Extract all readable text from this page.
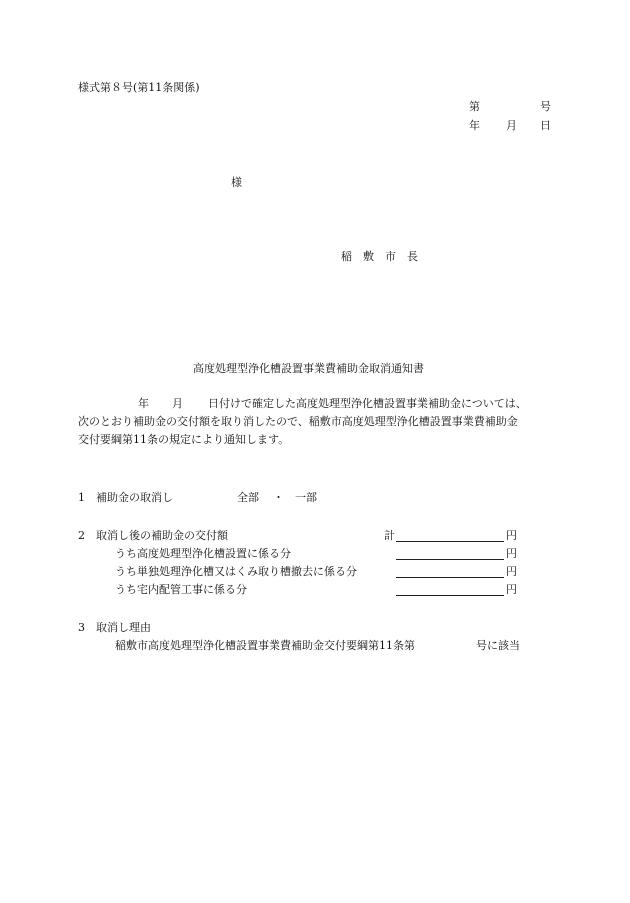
様式第８号(第11条関係)
第	号
年 月 日
様
稲　敷　市　長
高度処理型浄化槽設置事業費補助金取消通知書
年 月 日付けで確定した高度処理型浄化槽設置事業補助金については、
次のとおり補助金の交付額を取り消したので、稲敷市高度処理型浄化槽設置事業費補助金
交付要綱第11条の規定により通知します。
1 補助金の取消し	全部 ・ 一部
2 取消し後の補助金の交付額	計	円
うち高度処理型浄化槽設置に係る分	円
うち単独処理浄化槽又はくみ取り槽撤去に係る分	円
うち宅内配管工事に係る分	円
3 取消し理由
稲敷市高度処理型浄化槽設置事業費補助金交付要綱第11条第	号に該当
